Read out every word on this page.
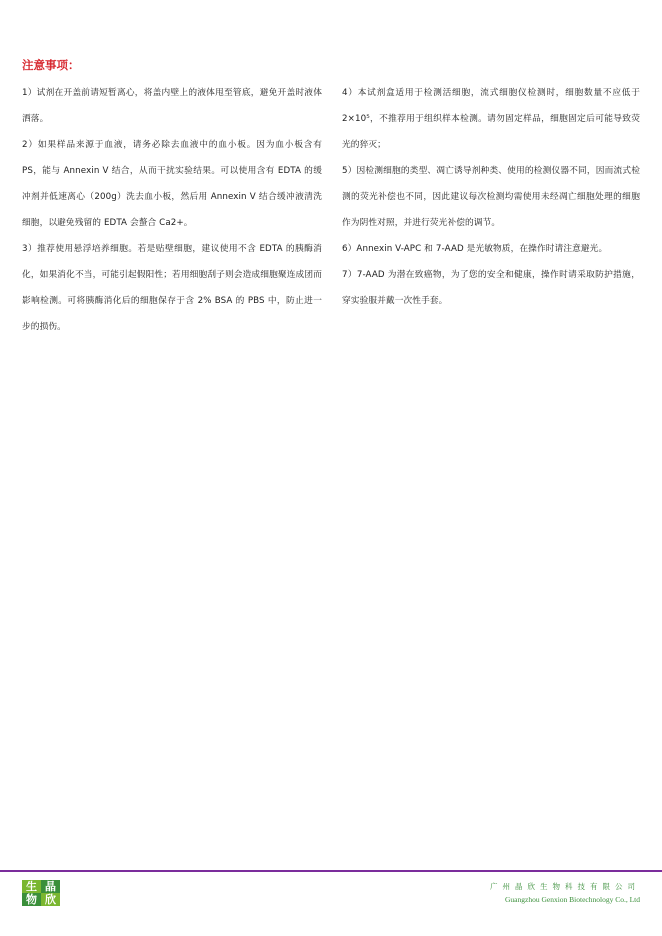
注意事项：

1）试剂在开盖前请短暂离心，将盖内壁上的液体甩至管底，避免开盖时液体洒落。

2）如果样品来源于血液，请务必除去血液中的血小板。因为血小板含有 PS，能与 Annexin V 结合，从而干扰实验结果。可以使用含有 EDTA 的缓冲剂并低速离心（200g）洗去血小板，然后用 Annexin V 结合缓冲液清洗细胞，以避免残留的 EDTA 会螯合 Ca2+。

3）推荐使用悬浮培养细胞。若是贴壁细胞，建议使用不含 EDTA 的胰酶消化，如果消化不当，可能引起假阳性；若用细胞刮子则会造成细胞聚连成团而影响检测。可将胰酶消化后的细胞保存于含 2% BSA 的 PBS 中，防止进一步的损伤。

4）本试剂盒适用于检测活细胞，流式细胞仪检测时，细胞数量不应低于 2×10⁵，不推荐用于组织样本检测。请勿固定样品，细胞固定后可能导致荧光的猝灭；

5）因检测细胞的类型、凋亡诱导剂种类、使用的检测仪器不同，因而流式检测的荧光补偿也不同，因此建议每次检测均需使用未经凋亡细胞处理的细胞作为阴性对照，并进行荧光补偿的调节。

6）Annexin V-APC 和 7-AAD 是光敏物质，在操作时请注意避光。

7）7-AAD 为潜在致癌物，为了您的安全和健康，操作时请采取防护措施，穿实验服并戴一次性手套。

生 晶
物 欣
广州晶欣生物科技有限公司
Guangzhou Genxion Biotechnology Co., Ltd
